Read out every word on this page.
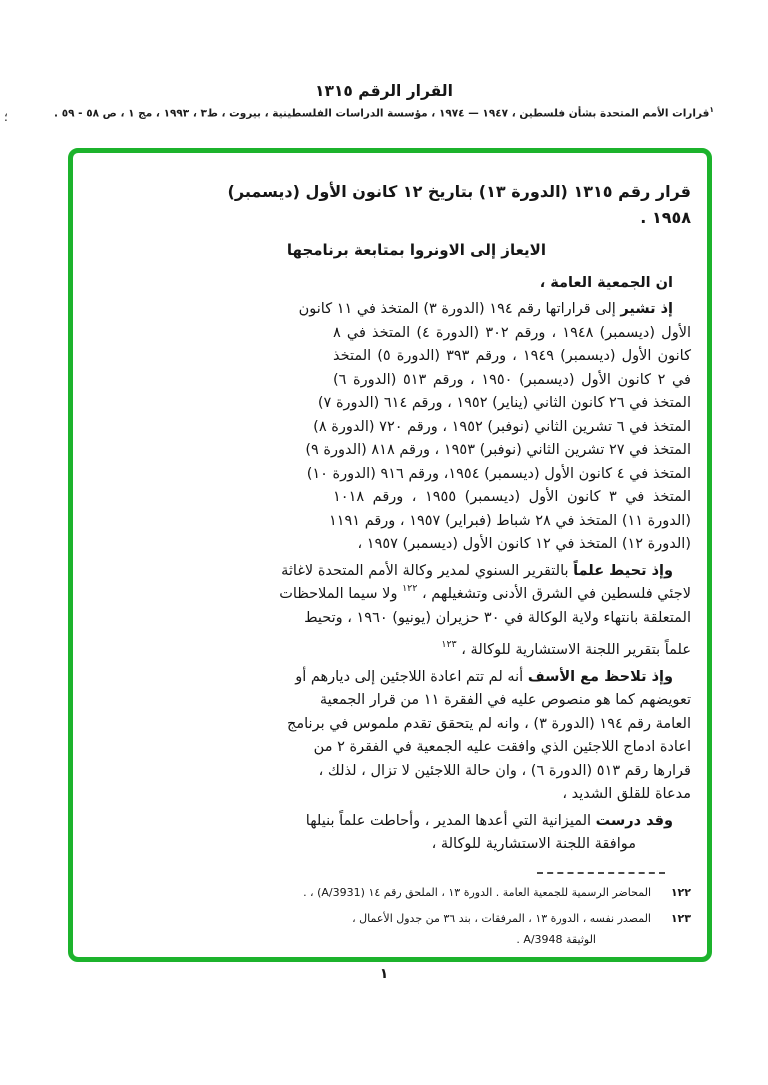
؛
القرار الرقم ١٣١٥
$^١$قرارات الأمم المتحدة بشأن فلسطين ، ١٩٤٧ — ١٩٧٤ ، مؤسسة الدراسات الفلسطينية ، بيروت ، ط٣ ، ١٩٩٣ ، مج ١ ، ص ٥٨ - ٥٩ .
قرار رقم ١٣١٥ (الدورة ١٣) بتاريخ ١٢ كانون الأول (ديسمبر)
١٩٥٨ .
الايعاز إلى الاونروا بمتابعة برنامجها
ان الجمعية العامة ،
إذ تشير إلى قراراتها رقم ١٩٤ (الدورة ٣) المتخذ في ١١ كانون
الأول (ديسمبر) ١٩٤٨ ، ورقم ٣٠٢ (الدورة ٤) المتخذ في ٨
كانون الأول (ديسمبر) ١٩٤٩ ، ورقم ٣٩٣ (الدورة ٥) المتخذ
في ٢ كانون الأول (ديسمبر) ١٩٥٠ ، ورقم ٥١٣ (الدورة ٦)
المتخذ في ٢٦ كانون الثاني (يناير) ١٩٥٢ ، ورقم ٦١٤ (الدورة ٧)
المتخذ في ٦ تشرين الثاني (نوفبر) ١٩٥٢ ، ورقم ٧٢٠ (الدورة ٨)
المتخذ في ٢٧ تشرين الثاني (نوفبر) ١٩٥٣ ، ورقم ٨١٨ (الدورة ٩)
المتخذ في ٤ كانون الأول (ديسمبر) ١٩٥٤، ورقم ٩١٦ (الدورة ١٠)
المتخذ في ٣ كانون الأول (ديسمبر) ١٩٥٥ ، ورقم ١٠١٨
(الدورة ١١) المتخذ في ٢٨ شباط (فبراير) ١٩٥٧ ، ورقم ١١٩١
(الدورة ١٢) المتخذ في ١٢ كانون الأول (ديسمبر) ١٩٥٧ ،
وإذ تحيط علماً بالتقرير السنوي لمدير وكالة الأمم المتحدة لاغاثة
لاجئي فلسطين في الشرق الأدنى وتشغيلهم ، $^{١٢٢}$ ولا سيما الملاحظات
المتعلقة بانتهاء ولاية الوكالة في ٣٠ حزيران (يونيو) ١٩٦٠ ، وتحيط
علماً بتقرير اللجنة الاستشارية للوكالة ، $^{١٢٣}$
وإذ تلاحظ مع الأسف أنه لم تتم اعادة اللاجئين إلى ديارهم أو
تعويضهم كما هو منصوص عليه في الفقرة ١١ من قرار الجمعية
العامة رقم ١٩٤ (الدورة ٣) ، وانه لم يتحقق تقدم ملموس في برنامج
اعادة ادماج اللاجئين الذي وافقت عليه الجمعية في الفقرة ٢ من
قرارها رقم ٥١٣ (الدورة ٦) ، وان حالة اللاجئين لا تزال ، لذلك ،
مدعاة للقلق الشديد ،
وقد درست الميزانية التي أعدها المدير ، وأحاطت علماً بنيلها
موافقة اللجنة الاستشارية للوكالة ،
١٢٢
المحاضر الرسمية للجمعية العامة . الدورة ١٣ ، الملحق رقم ١٤ (A/3931) ، .
١٢٣
المصدر نفسه ، الدورة ١٣ ، المرفقات ، بند ٣٦ من جدول الأعمال ،
الوثيقة A/3948 .
١
